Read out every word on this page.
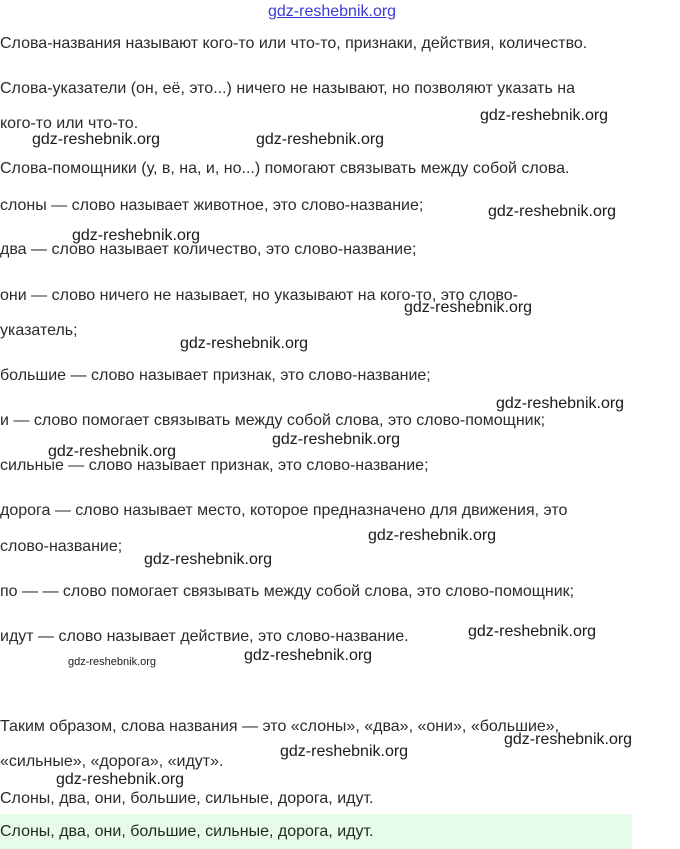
gdz-reshebnik.org
Слова-названия называют кого-то или что-то, признаки, действия, количество.
Слова-указатели (он, её, это...) ничего не называют, но позволяют указать на
кого-то или что-то.
Слова-помощники (у, в, на, и, но...) помогают связывать между собой слова.
слоны — слово называет животное, это слово-название;
два — слово называет количество, это слово-название;
они — слово ничего не называет, но указывают на кого-то, это слово-
указатель;
большие — слово называет признак, это слово-название;
и — слово помогает связывать между собой слова, это слово-помощник;
сильные — слово называет признак, это слово-название;
дорога — слово называет место, которое предназначено для движения, это
слово-название;
по — — слово помогает связывать между собой слова, это слово-помощник;
идут — слово называет действие, это слово-название.
Таким образом, слова названия — это «слоны», «два», «они», «большие»,
«сильные», «дорога», «идут».
Слоны, два, они, большие, сильные, дорога, идут.
Слоны, два, они, большие, сильные, дорога, идут.
gdz-reshebnik.org
gdz-reshebnik.org	gdz-reshebnik.org
gdz-reshebnik.org
gdz-reshebnik.org
gdz-reshebnik.org
gdz-reshebnik.org
gdz-reshebnik.org
gdz-reshebnik.org
gdz-reshebnik.org
gdz-reshebnik.org
gdz-reshebnik.org
gdz-reshebnik.org
gdz-reshebnik.org
gdz-reshebnik.org
gdz-reshebnik.org
gdz-reshebnik.org
gdz-reshebnik.org
